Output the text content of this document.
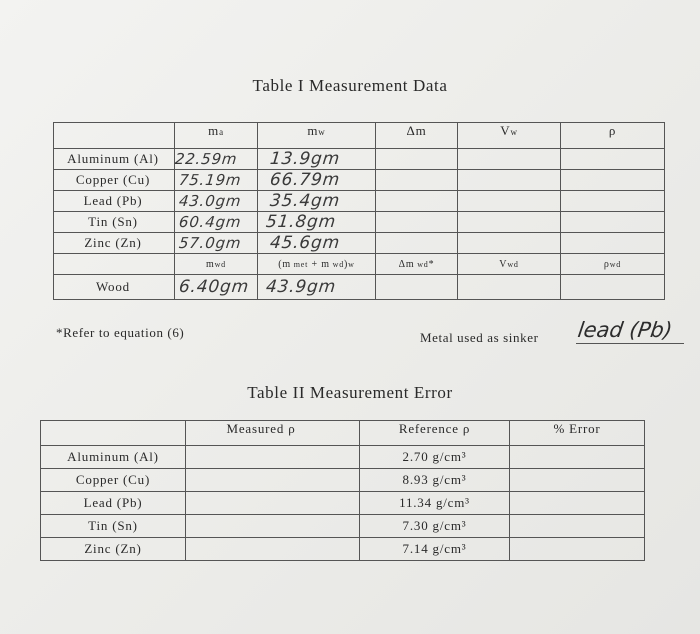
Table I Measurement Data
	ma	mw	Δm	Vw	ρ
Aluminum (Al)	22.59m	13.9gm			
Copper (Cu)	75.19m	66.79m			
Lead (Pb)	43.0gm	35.4gm			
Tin (Sn)	60.4gm	51.8gm			
Zinc (Zn)	57.0gm	45.6gm			
	mwd	(m met + m wd)w	Δm wd*	Vwd	ρwd
Wood	6.40gm	43.9gm			
*Refer to equation (6)	Metal used as sinker lead (Pb)
Table II Measurement Error
	Measured ρ	Reference ρ	% Error
Aluminum (Al)		2.70 g/cm³	
Copper (Cu)		8.93 g/cm³	
Lead (Pb)		11.34 g/cm³	
Tin (Sn)		7.30 g/cm³	
Zinc (Zn)		7.14 g/cm³	
